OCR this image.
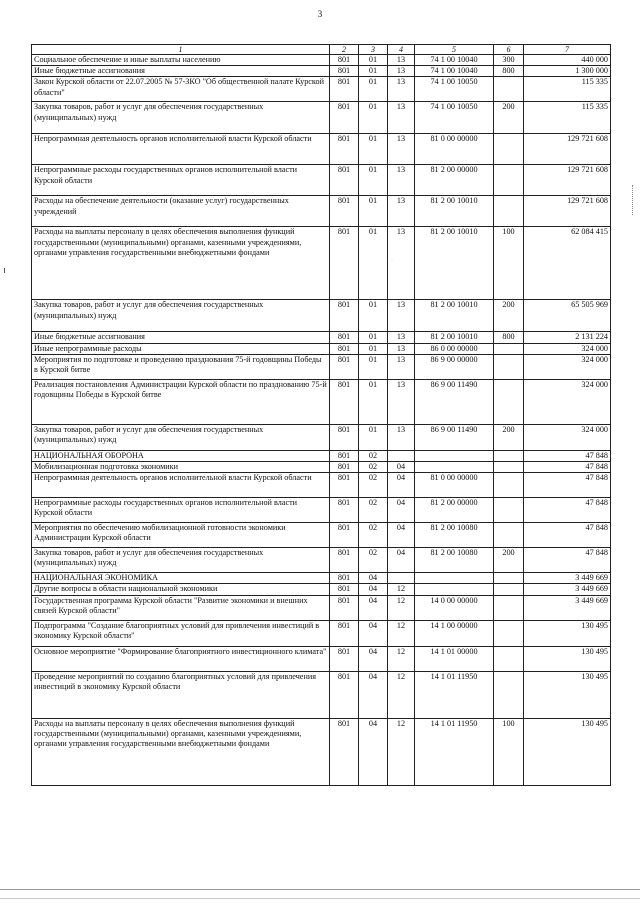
3
1	2	3	4	5	6	7
Социальное обеспечение и иные выплаты населению	801	01	13	74 1 00 10040	300	440 000
Иные бюджетные ассигнования	801	01	13	74 1 00 10040	800	1 300 000
Закон Курской области от 22.07.2005 № 57-ЗКО "Об общественной палате Курской области"	801	01	13	74 1 00 10050		115 335
Закупка товаров, работ и услуг для обеспечения государственных (муниципальных) нужд	801	01	13	74 1 00 10050	200	115 335
Непрограммная деятельность органов исполнительной власти Курской области	801	01	13	81 0 00 00000		129 721 608
Непрограммные расходы государственных органов исполнительной власти Курской области	801	01	13	81 2 00 00000		129 721 608
Расходы на обеспечение деятельности (оказание услуг) государственных учреждений	801	01	13	81 2 00 10010		129 721 608
Расходы на выплаты персоналу в целях обеспечения выполнения функций государственными (муниципальными) органами, казенными учреждениями, органами управления государственными внебюджетными фондами	801	01	13	81 2 00 10010	100	62 084 415
Закупка товаров, работ и услуг для обеспечения государственных (муниципальных) нужд	801	01	13	81 2 00 10010	200	65 505 969
Иные бюджетные ассигнования	801	01	13	81 2 00 10010	800	2 131 224
Иные непрограммные расходы	801	01	13	86 0 00 00000		324 000
Мероприятия по подготовке и проведению празднования 75-й годовщины Победы в Курской битве	801	01	13	86 9 00 00000		324 000
Реализация постановления Администрации Курской области по празднованию 75-й годовщины Победы в Курской битве	801	01	13	86 9 00 11490		324 000
Закупка товаров, работ и услуг для обеспечения государственных (муниципальных) нужд	801	01	13	86 9 00 11490	200	324 000
НАЦИОНАЛЬНАЯ ОБОРОНА	801	02				47 848
Мобилизационная подготовка экономики	801	02	04			47 848
Непрограммная деятельность органов исполнительной власти Курской области	801	02	04	81 0 00 00000		47 848
Непрограммные расходы государственных органов исполнительной власти Курской области	801	02	04	81 2 00 00000		47 848
Мероприятия по обеспечению мобилизационной готовности экономики Администрации Курской области	801	02	04	81 2 00 10080		47 848
Закупка товаров, работ и услуг для обеспечения государственных (муниципальных) нужд	801	02	04	81 2 00 10080	200	47 848
НАЦИОНАЛЬНАЯ ЭКОНОМИКА	801	04				3 449 669
Другие вопросы в области национальной экономики	801	04	12			3 449 669
Государственная программа Курской области "Развитие экономики и внешних связей Курской области"	801	04	12	14 0 00 00000		3 449 669
Подпрограмма "Создание благоприятных условий для привлечения инвестиций в экономику Курской области"	801	04	12	14 1 00 00000		130 495
Основное мероприятие "Формирование благоприятного инвестиционного климата"	801	04	12	14 1 01 00000		130 495
Проведение мероприятий по созданию благоприятных условий для привлечения инвестиций в экономику Курской области	801	04	12	14 1 01 11950		130 495
Расходы на выплаты персоналу в целях обеспечения выполнения функций государственными (муниципальными) органами, казенными учреждениями, органами управления государственными внебюджетными фондами	801	04	12	14 1 01 11950	100	130 495
·
